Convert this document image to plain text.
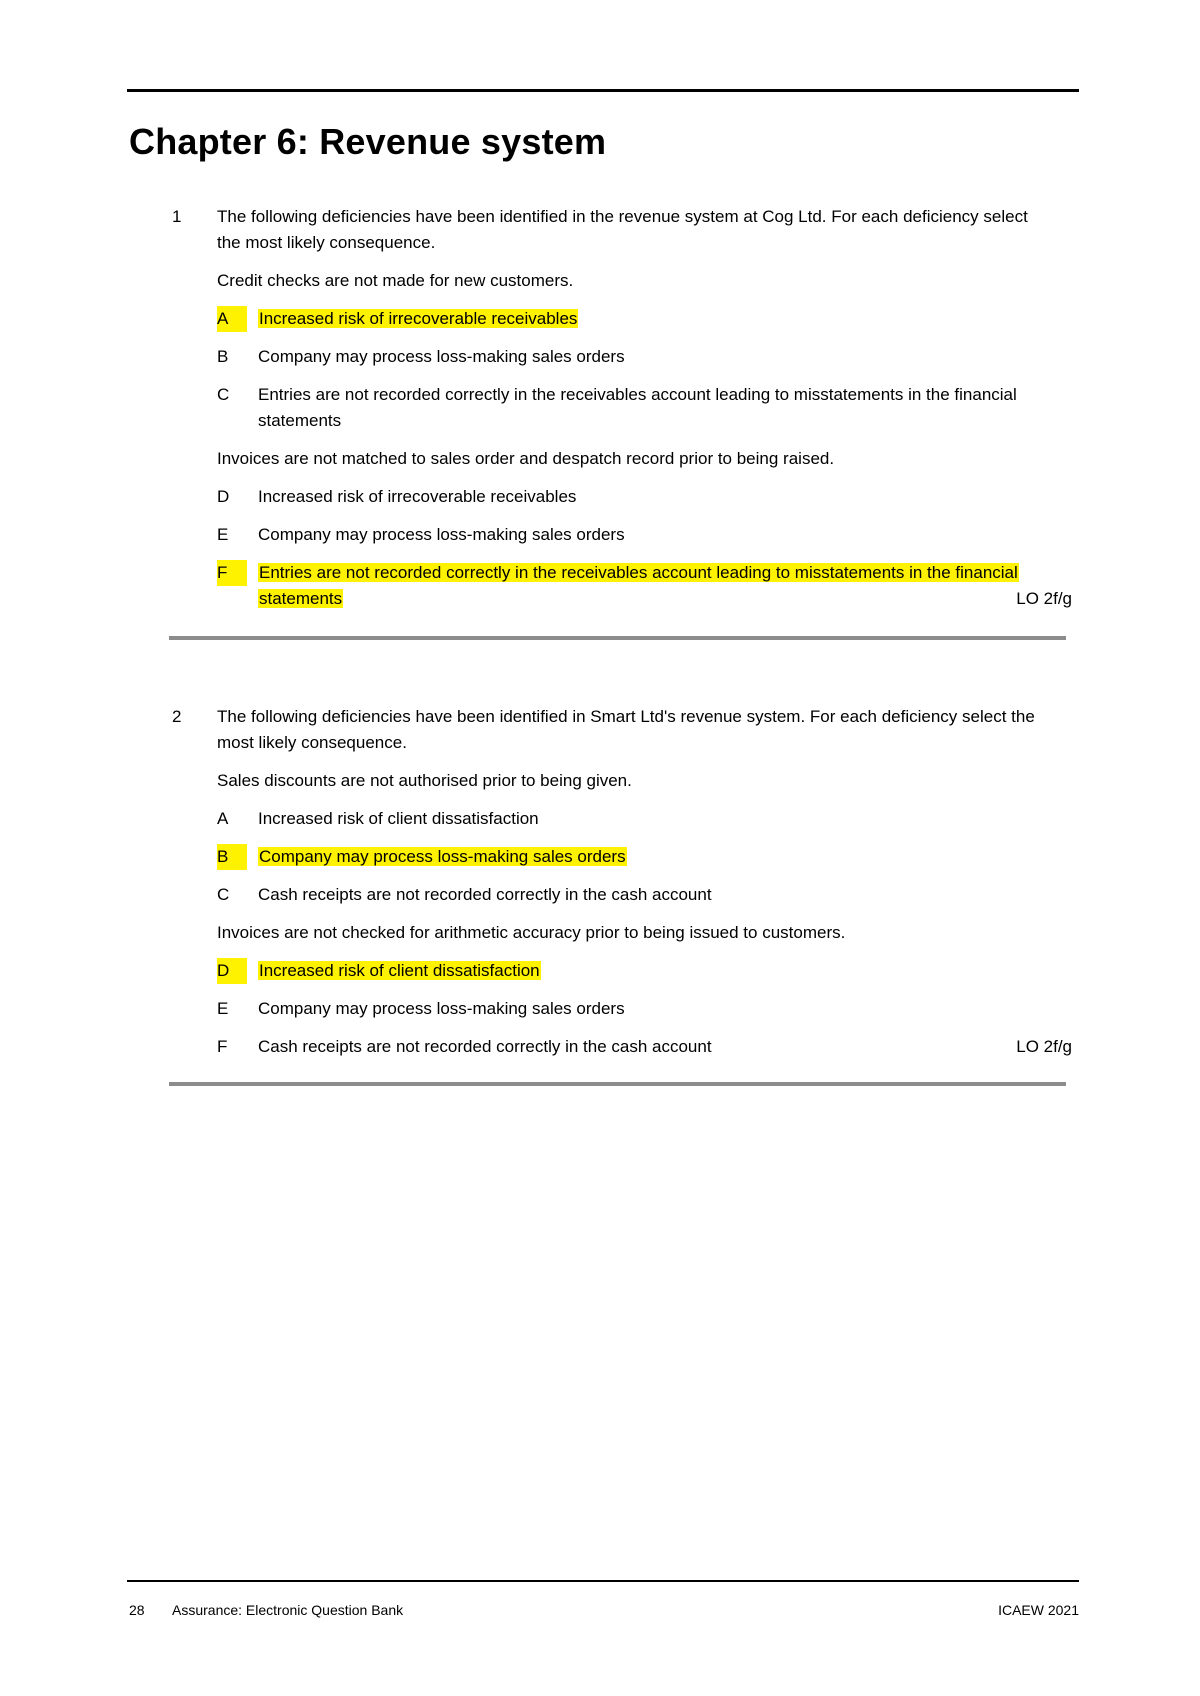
Chapter 6: Revenue system
1 The following deficiencies have been identified in the revenue system at Cog Ltd. For each deficiency select the most likely consequence.

Credit checks are not made for new customers.

A	Increased risk of irrecoverable receivables
B	Company may process loss-making sales orders
C	Entries are not recorded correctly in the receivables account leading to misstatements in the financial statements

Invoices are not matched to sales order and despatch record prior to being raised.

D	Increased risk of irrecoverable receivables
E	Company may process loss-making sales orders
F	Entries are not recorded correctly in the receivables account leading to misstatements in the financial statements	LO 2f/g
2 The following deficiencies have been identified in Smart Ltd's revenue system. For each deficiency select the most likely consequence.

Sales discounts are not authorised prior to being given.

A	Increased risk of client dissatisfaction
B	Company may process loss-making sales orders
C	Cash receipts are not recorded correctly in the cash account

Invoices are not checked for arithmetic accuracy prior to being issued to customers.

D	Increased risk of client dissatisfaction
E	Company may process loss-making sales orders
F	Cash receipts are not recorded correctly in the cash account	LO 2f/g
28 Assurance: Electronic Question Bank	ICAEW 2021
